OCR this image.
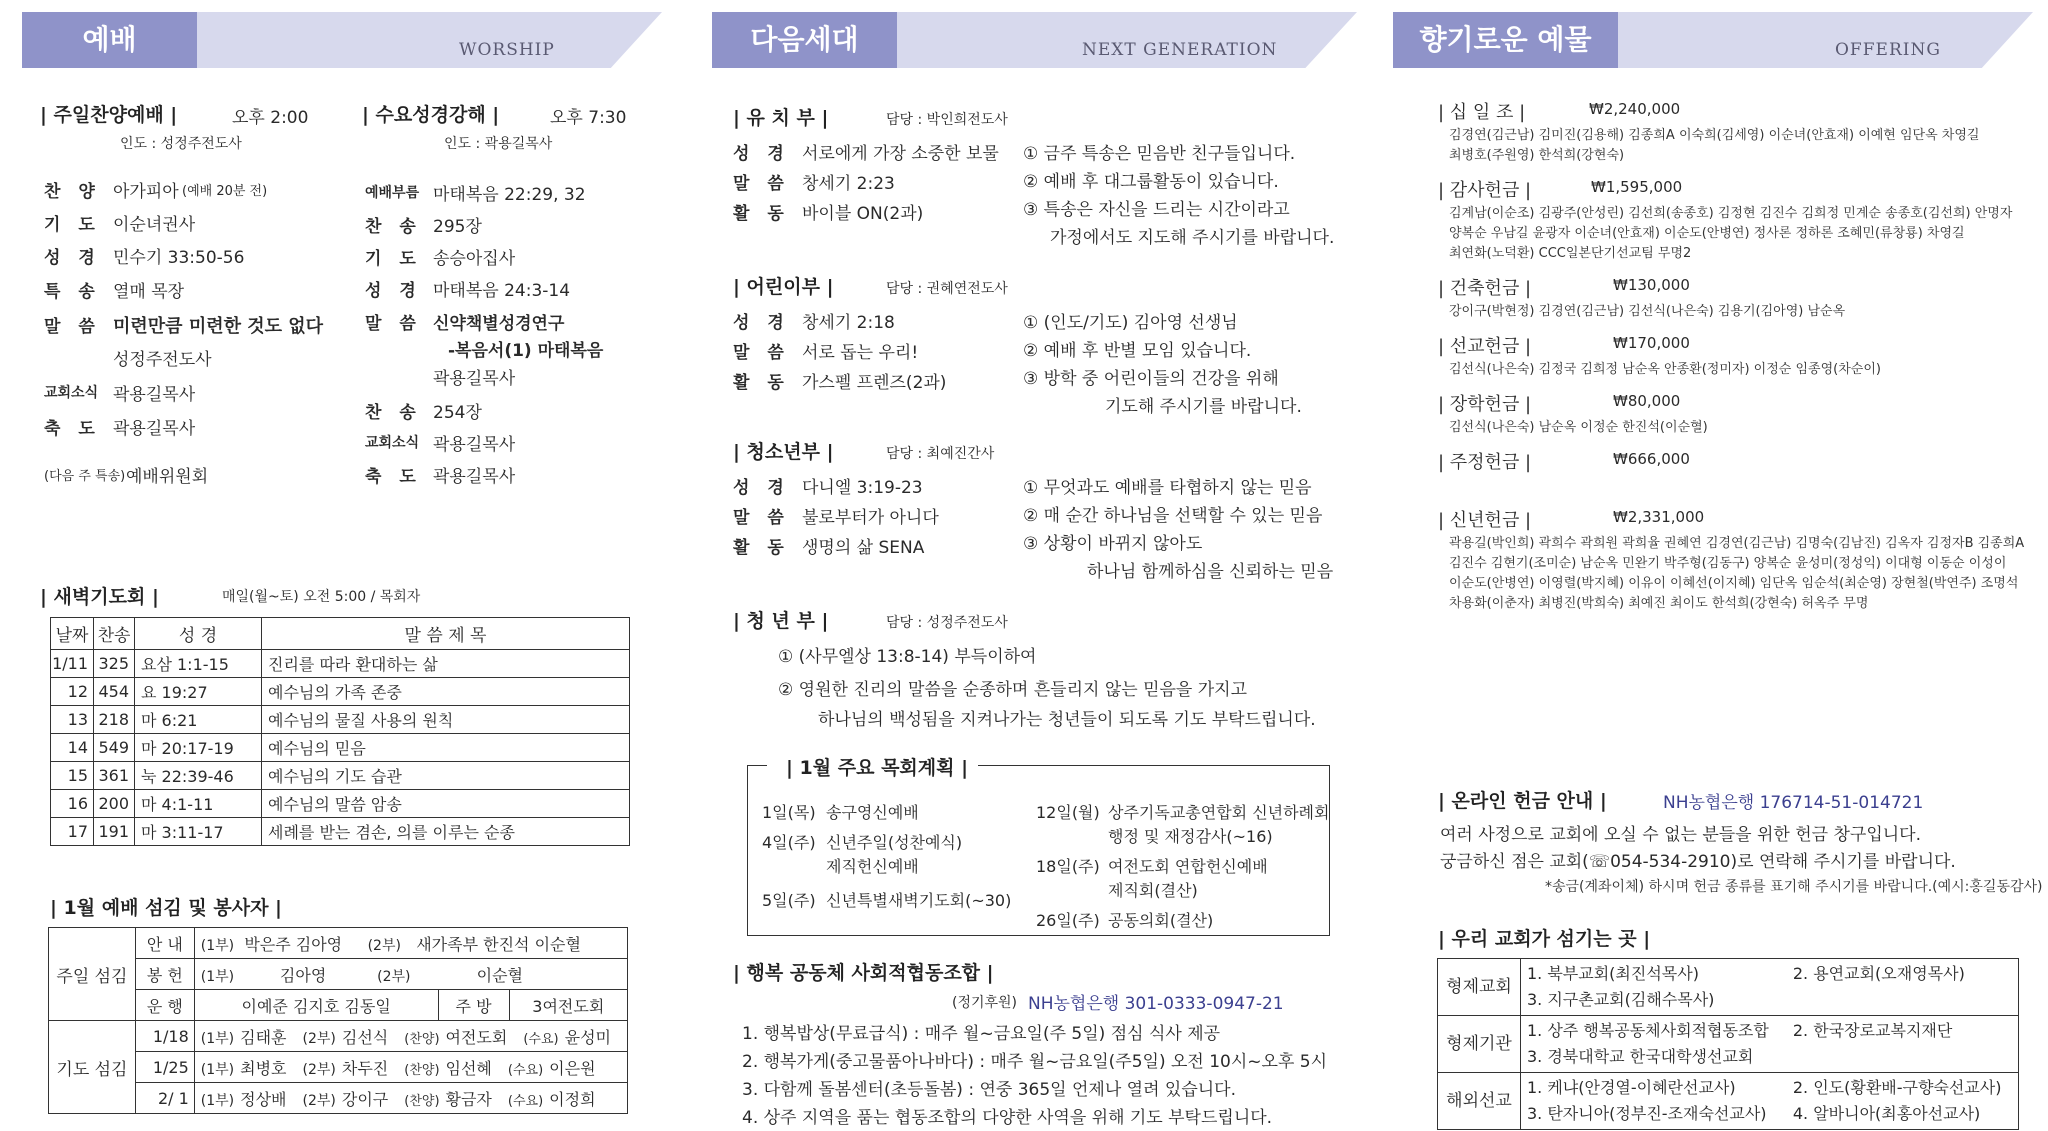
예배	WORSHIP
| 주일찬양예배 |	오후 2:00
인도 : 성정주전도사
찬 양 아가피아 (예배 20분 전)
기 도 이순녀권사
성 경 민수기 33:50-56
특 송 열매 목장
말 씀 미련만큼 미련한 것도 없다
성정주전도사
교회소식 곽용길목사
축 도 곽용길목사
(다음 주 특송) 예배위원회
| 수요성경강해 |	오후 7:30
인도 : 곽용길목사
예배부름 마태복음 22:29, 32
찬 송 295장
기 도 송승아집사
성 경 마태복음 24:3-14
말 씀 신약책별성경연구
-복음서(1) 마태복음
곽용길목사
찬 송 254장
교회소식 곽용길목사
축 도 곽용길목사
| 새벽기도회 |	매일(월~토) 오전 5:00 / 목회자
날짜	찬송	성 경	말 씀 제 목
1/11	325	요삼 1:1-15	진리를 따라 환대하는 삶
12	454	요 19:27	예수님의 가족 존중
13	218	마 6:21	예수님의 물질 사용의 원칙
14	549	마 20:17-19	예수님의 믿음
15	361	눅 22:39-46	예수님의 기도 습관
16	200	마 4:1-11	예수님의 말씀 암송
17	191	마 3:11-17	세례를 받는 겸손, 의를 이루는 순종
| 1월 예배 섬김 및 봉사자 |
주일 섬김	안 내	(1부) 박은주 김아영 (2부) 새가족부 한진석 이순혈		
	봉 헌	(1부) 김아영 (2부) 이순혈		
	운 행	이예준 김지호 김동일	주 방	3여전도회
기도 섬김	1/18	(1부) 김태훈 (2부) 김선식 (찬양) 여전도회 (수요) 윤성미		
	1/25	(1부) 최병호 (2부) 차두진 (찬양) 임선혜 (수요) 이은원		
	2/ 1	(1부) 정상배 (2부) 강이구 (찬양) 황금자 (수요) 이정희		
다음세대	NEXT GENERATION
| 유 치 부 |	담당 : 박인희전도사
성 경 서로에게 가장 소중한 보물
말 씀 창세기 2:23
활 동 바이블 ON(2과)
① 금주 특송은 믿음반 친구들입니다.
② 예배 후 대그룹활동이 있습니다.
③ 특송은 자신을 드리는 시간이라고
가정에서도 지도해 주시기를 바랍니다.
| 어린이부 |	담당 : 권혜연전도사
성 경 창세기 2:18
말 씀 서로 돕는 우리!
활 동 가스펠 프렌즈(2과)
① (인도/기도) 김아영 선생님
② 예배 후 반별 모임 있습니다.
③ 방학 중 어린이들의 건강을 위해
기도해 주시기를 바랍니다.
| 청소년부 |	담당 : 최예진간사
성 경 다니엘 3:19-23
말 씀 불로부터가 아니다
활 동 생명의 삶 SENA
① 무엇과도 예배를 타협하지 않는 믿음
② 매 순간 하나님을 선택할 수 있는 믿음
③ 상황이 바뀌지 않아도
하나님 함께하심을 신뢰하는 믿음
| 청 년 부 |	담당 : 성정주전도사
① (사무엘상 13:8-14) 부득이하여
② 영원한 진리의 말씀을 순종하며 흔들리지 않는 믿음을 가지고
하나님의 백성됨을 지켜나가는 청년들이 되도록 기도 부탁드립니다.
| 1월 주요 목회계획 |
1일(목) 송구영신예배
4일(주) 신년주일(성찬예식)
제직헌신예배
5일(주) 신년특별새벽기도회(~30)
12일(월) 상주기독교총연합회 신년하례회
행정 및 재정감사(~16)
18일(주) 여전도회 연합헌신예배
제직회(결산)
26일(주) 공동의회(결산)
| 행복 공동체 사회적협동조합 |
(정기후원) NH농협은행 301-0333-0947-21
1. 행복밥상(무료급식) : 매주 월~금요일(주 5일) 점심 식사 제공
2. 행복가게(중고물품아나바다) : 매주 월~금요일(주5일) 오전 10시~오후 5시
3. 다함께 돌봄센터(초등돌봄) : 연중 365일 언제나 열려 있습니다.
4. 상주 지역을 품는 협동조합의 다양한 사역을 위해 기도 부탁드립니다.
향기로운 예물	OFFERING
| 십 일 조 |	₩2,240,000
김경연(김근남) 김미진(김용해) 김종희A 이숙희(김세영) 이순녀(안효재) 이예현 임단옥 차영길
최병호(주원영) 한석희(강현숙)
| 감사헌금 |	₩1,595,000
김계남(이순조) 김광주(안성린) 김선희(송종호) 김정현 김진수 김희정 민계순 송종호(김선희) 안명자
양복순 우남길 윤광자 이순녀(안효재) 이순도(안병연) 정사론 정하론 조혜민(류창룡) 차영길
최연화(노덕환) CCC일본단기선교팀 무명2
| 건축헌금 |	₩130,000
강이구(박현정) 김경연(김근남) 김선식(나은숙) 김용기(김아영) 남순옥
| 선교헌금 |	₩170,000
김선식(나은숙) 김정국 김희정 남순옥 안종환(정미자) 이정순 임종영(차순이)
| 장학헌금 |	₩80,000
김선식(나은숙) 남순옥 이정순 한진석(이순혈)
| 주정헌금 |	₩666,000
| 신년헌금 |	₩2,331,000
곽용길(박인희) 곽희수 곽희원 곽희율 권혜연 김경연(김근남) 김명숙(김남진) 김옥자 김정자B 김종희A
김진수 김현기(조미순) 남순옥 민완기 박주형(김동구) 양복순 윤성미(정성익) 이대형 이동순 이성이
이순도(안병연) 이영렬(박지혜) 이유이 이혜선(이지혜) 임단옥 임순석(최순영) 장현철(박연주) 조명석
차용화(이춘자) 최병진(박희숙) 최예진 최이도 한석희(강현숙) 허옥주 무명
| 온라인 헌금 안내 |	NH농협은행 176714-51-014721
여러 사정으로 교회에 오실 수 없는 분들을 위한 헌금 창구입니다.
궁금하신 점은 교회(☏054-534-2910)로 연락해 주시기를 바랍니다.
*송금(계좌이체) 하시며 헌금 종류를 표기해 주시기를 바랍니다.(예시:홍길동감사)
| 우리 교회가 섬기는 곳 |
형제교회	1. 북부교회(최진석목사)	2. 용연교회(오재영목사)
	3. 지구촌교회(김해수목사)	
형제기관	1. 상주 행복공동체사회적협동조합	2. 한국장로교복지재단
	3. 경북대학교 한국대학생선교회	
해외선교	1. 케냐(안경열-이혜란선교사)	2. 인도(황환배-구향숙선교사)
	3. 탄자니아(정부진-조재숙선교사)	4. 알바니아(최홍아선교사)
